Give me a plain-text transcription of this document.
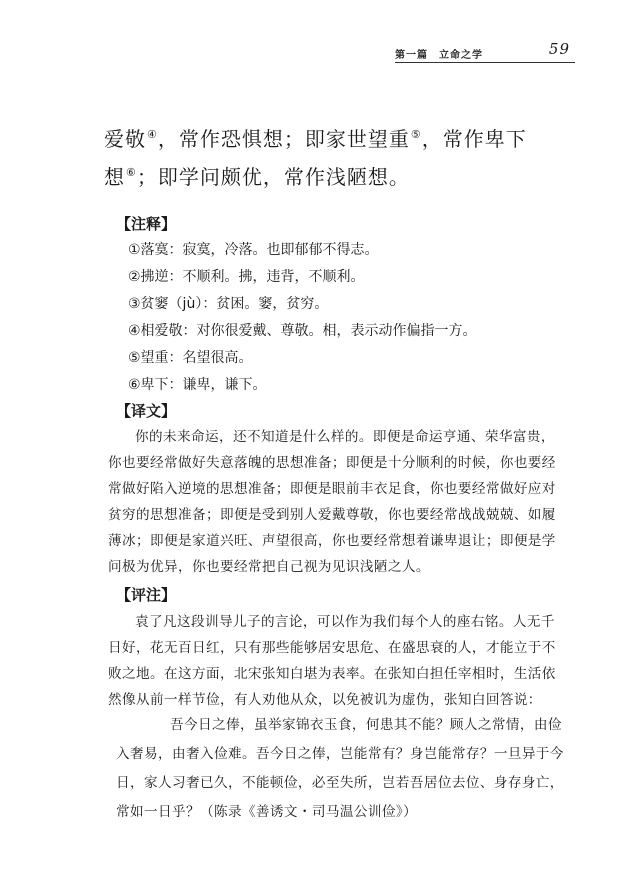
第一篇　立命之学	59
爱敬④，常作恐惧想；即家世望重⑤，常作卑下想⑥；即学问颇优，常作浅陋想。
【注释】
①落寞：寂寞，冷落。也即郁郁不得志。
②拂逆：不顺利。拂，违背，不顺利。
③贫窭（jù）：贫困。窭，贫穷。
④相爱敬：对你很爱戴、尊敬。相，表示动作偏指一方。
⑤望重：名望很高。
⑥卑下：谦卑，谦下。
【译文】
你的未来命运，还不知道是什么样的。即便是命运亨通、荣华富贵，你也要经常做好失意落魄的思想准备；即便是十分顺利的时候，你也要经常做好陷入逆境的思想准备；即便是眼前丰衣足食，你也要经常做好应对贫穷的思想准备；即便是受到别人爱戴尊敬，你也要经常战战兢兢、如履薄冰；即便是家道兴旺、声望很高，你也要经常想着谦卑退让；即便是学问极为优异，你也要经常把自己视为见识浅陋之人。
【评注】
袁了凡这段训导儿子的言论，可以作为我们每个人的座右铭。人无千日好，花无百日红，只有那些能够居安思危、在盛思衰的人，才能立于不败之地。在这方面，北宋张知白堪为表率。在张知白担任宰相时，生活依然像从前一样节俭，有人劝他从众，以免被讥为虚伪，张知白回答说：
吾今日之俸，虽举家锦衣玉食，何患其不能？顾人之常情，由俭入奢易，由奢入俭难。吾今日之俸，岂能常有？身岂能常存？一旦异于今日，家人习奢已久，不能顿俭，必至失所，岂若吾居位去位、身存身亡，常如一日乎？（陈录《善诱文・司马温公训俭》）
